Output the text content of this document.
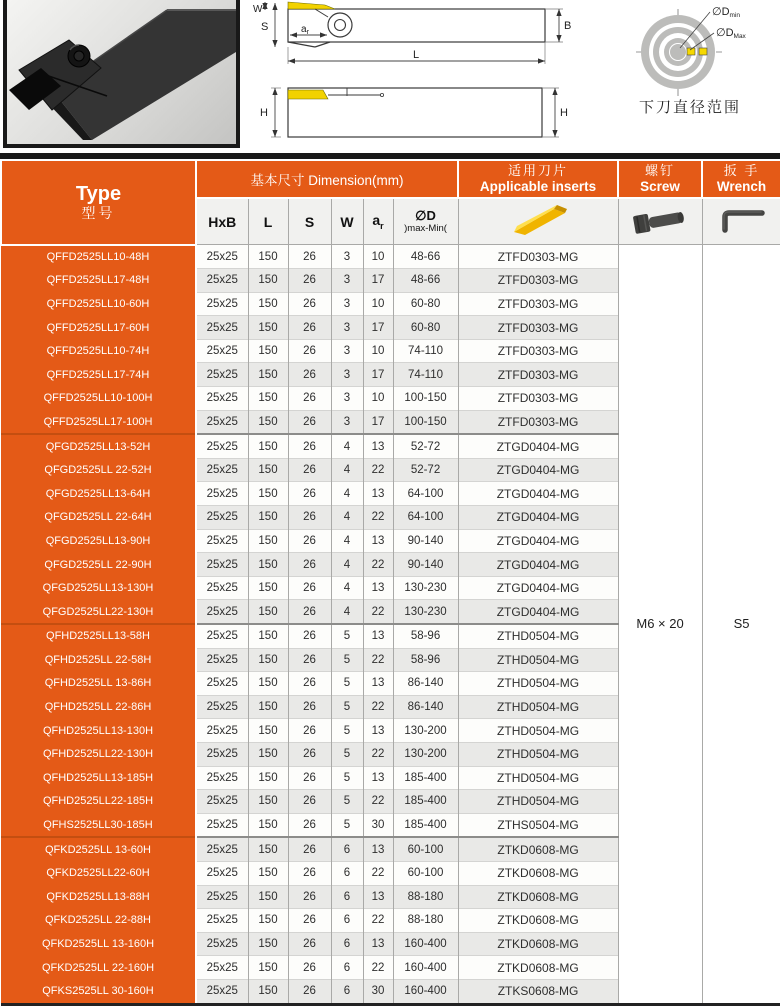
W
S	$a_r$
L
B
H	H
∅Dmin
∅DMax
下刀直径范围
Type
型号
	基本尺寸 Dimension(mm)	
适用刀片
Applicable inserts

螺钉
Screw

扳 手
Wrench

	HxB	L	S	W	$a_r$	∅D
)max-Min(

QFFD2525LL10-48H	25x25	150	26	3	10	48-66	ZTFD0303-MG	M6 × 20	S5
QFFD2525LL17-48H	25x25	150	26	3	17	48-66	ZTFD0303-MG		
QFFD2525LL10-60H	25x25	150	26	3	10	60-80	ZTFD0303-MG		
QFFD2525LL17-60H	25x25	150	26	3	17	60-80	ZTFD0303-MG		
QFFD2525LL10-74H	25x25	150	26	3	10	74-110	ZTFD0303-MG		
QFFD2525LL17-74H	25x25	150	26	3	17	74-110	ZTFD0303-MG		
QFFD2525LL10-100H	25x25	150	26	3	10	100-150	ZTFD0303-MG		
QFFD2525LL17-100H	25x25	150	26	3	17	100-150	ZTFD0303-MG		
QFGD2525LL13-52H	25x25	150	26	4	13	52-72	ZTGD0404-MG		
QFGD2525LL 22-52H	25x25	150	26	4	22	52-72	ZTGD0404-MG		
QFGD2525LL13-64H	25x25	150	26	4	13	64-100	ZTGD0404-MG		
QFGD2525LL 22-64H	25x25	150	26	4	22	64-100	ZTGD0404-MG		
QFGD2525LL13-90H	25x25	150	26	4	13	90-140	ZTGD0404-MG		
QFGD2525LL 22-90H	25x25	150	26	4	22	90-140	ZTGD0404-MG		
QFGD2525LL13-130H	25x25	150	26	4	13	130-230	ZTGD0404-MG		
QFGD2525LL22-130H	25x25	150	26	4	22	130-230	ZTGD0404-MG		
QFHD2525LL13-58H	25x25	150	26	5	13	58-96	ZTHD0504-MG		
QFHD2525LL 22-58H	25x25	150	26	5	22	58-96	ZTHD0504-MG		
QFHD2525LL 13-86H	25x25	150	26	5	13	86-140	ZTHD0504-MG		
QFHD2525LL 22-86H	25x25	150	26	5	22	86-140	ZTHD0504-MG		
QFHD2525LL13-130H	25x25	150	26	5	13	130-200	ZTHD0504-MG		
QFHD2525LL22-130H	25x25	150	26	5	22	130-200	ZTHD0504-MG		
QFHD2525LL13-185H	25x25	150	26	5	13	185-400	ZTHD0504-MG		
QFHD2525LL22-185H	25x25	150	26	5	22	185-400	ZTHD0504-MG		
QFHS2525LL30-185H	25x25	150	26	5	30	185-400	ZTHS0504-MG		
QFKD2525LL 13-60H	25x25	150	26	6	13	60-100	ZTKD0608-MG		
QFKD2525LL22-60H	25x25	150	26	6	22	60-100	ZTKD0608-MG		
QFKD2525LL13-88H	25x25	150	26	6	13	88-180	ZTKD0608-MG		
QFKD2525LL 22-88H	25x25	150	26	6	22	88-180	ZTKD0608-MG		
QFKD2525LL 13-160H	25x25	150	26	6	13	160-400	ZTKD0608-MG		
QFKD2525LL 22-160H	25x25	150	26	6	22	160-400	ZTKD0608-MG		
QFKS2525LL 30-160H	25x25	150	26	6	30	160-400	ZTKS0608-MG		
